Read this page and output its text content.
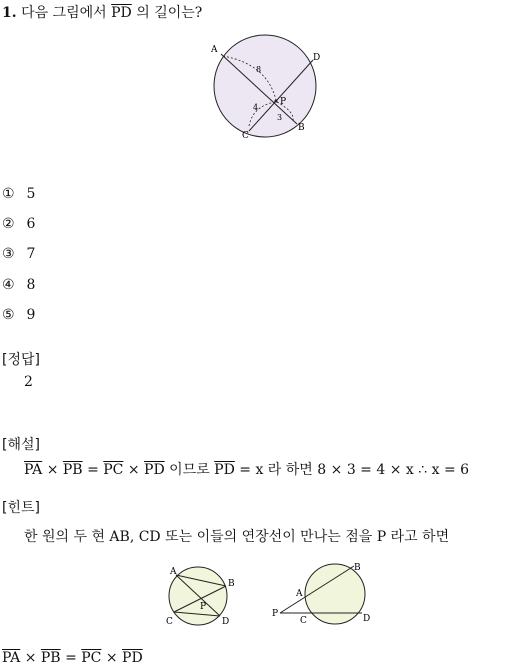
1. 다음 그림에서 $\overline{PD}$ 의 길이는?
A
D
P
C
B
8
4
3
① 5
② 6
③ 7
④ 8
⑤ 9
[정답]
2
[해설]
$\overline{PA} \times \overline{PB} = \overline{PC} \times \overline{PD}$ 이므로 $\overline{PD} = x$ 라 하면 8 × 3 = 4 × x ∴ x = 6
[힌트]
한 원의 두 현 AB, CD 또는 이들의 연장선이 만나는 점을 P 라고 하면
A
B
P
C	D
B
A
P
C	D
$\overline{PA} \times \overline{PB} = \overline{PC} \times \overline{PD}$
